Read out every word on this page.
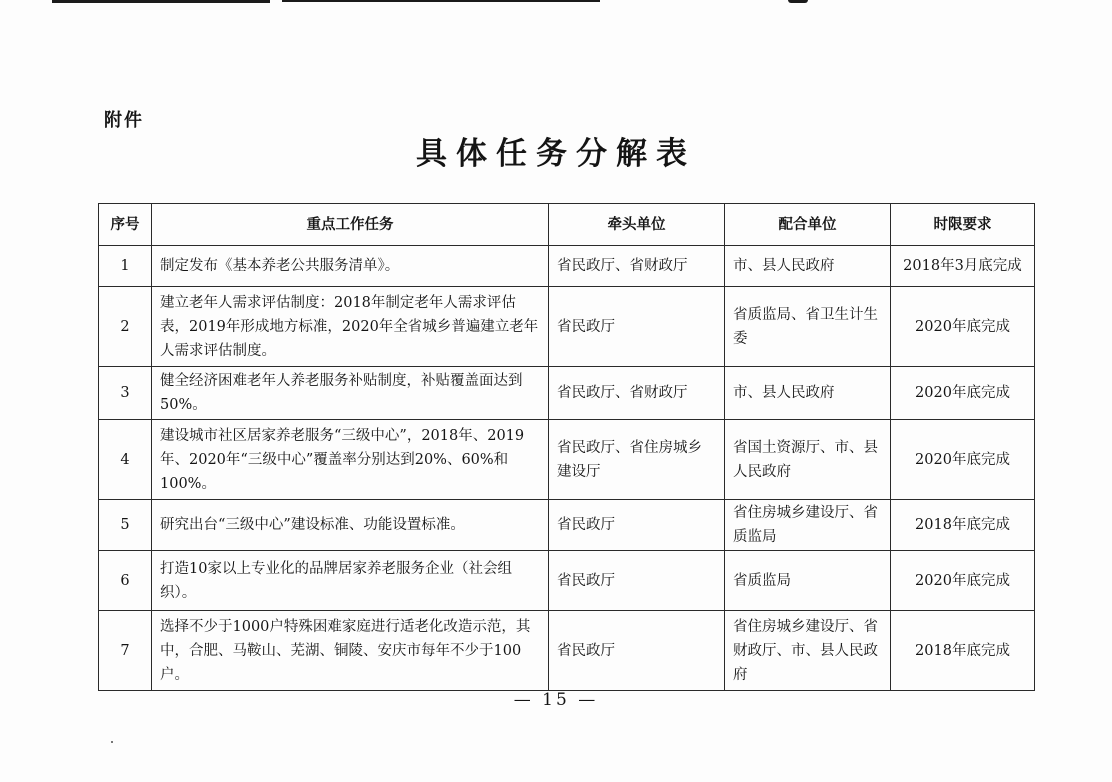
附件
具体任务分解表
序号	重点工作任务	牵头单位	配合单位	时限要求
1	制定发布《基本养老公共服务清单》。	省民政厅、省财政厅	市、县人民政府	2018年3月底完成
2	建立老年人需求评估制度：2018年制定老年人需求评估表，2019年形成地方标准，2020年全省城乡普遍建立老年人需求评估制度。	省民政厅	省质监局、省卫生计生委	2020年底完成
3	健全经济困难老年人养老服务补贴制度，补贴覆盖面达到50%。	省民政厅、省财政厅	市、县人民政府	2020年底完成
4	建设城市社区居家养老服务“三级中心”，2018年、2019年、2020年“三级中心”覆盖率分别达到20%、60%和100%。	省民政厅、省住房城乡建设厅	省国土资源厅、市、县人民政府	2020年底完成
5	研究出台“三级中心”建设标准、功能设置标准。	省民政厅	省住房城乡建设厅、省质监局	2018年底完成
6	打造10家以上专业化的品牌居家养老服务企业（社会组织）。	省民政厅	省质监局	2020年底完成
7	选择不少于1000户特殊困难家庭进行适老化改造示范，其中，合肥、马鞍山、芜湖、铜陵、安庆市每年不少于100户。	省民政厅	省住房城乡建设厅、省财政厅、市、县人民政府	2018年底完成
— 15 —
